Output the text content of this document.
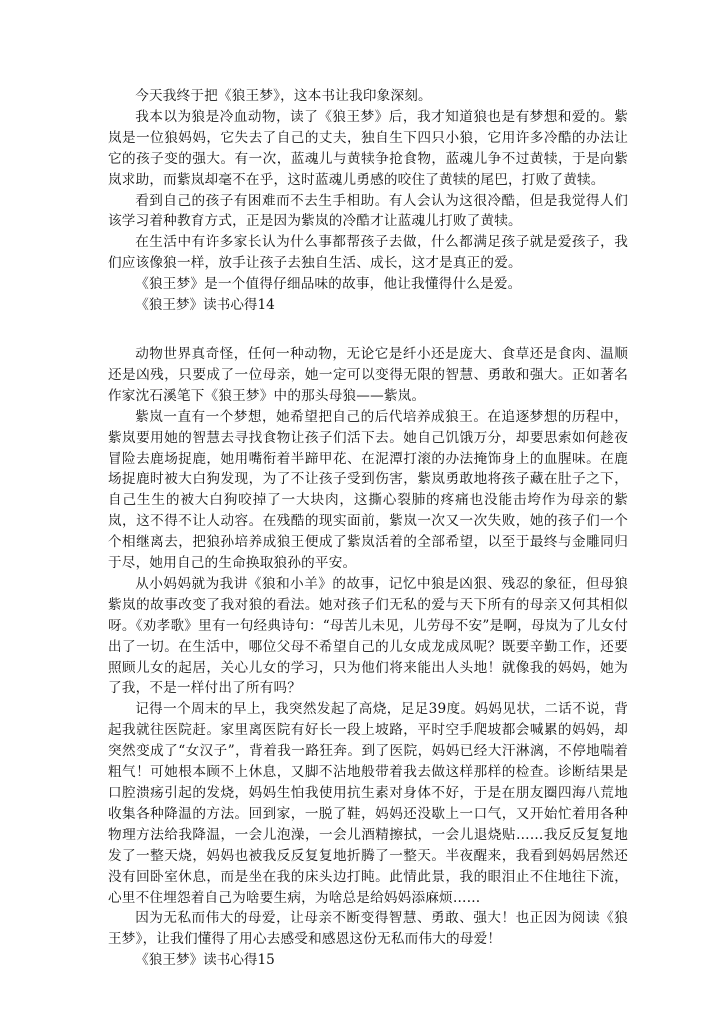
今天我终于把《狼王梦》，这本书让我印象深刻。

我本以为狼是冷血动物，读了《狼王梦》后，我才知道狼也是有梦想和爱的。紫岚是一位狼妈妈，它失去了自己的丈夫，独自生下四只小狼，它用许多冷酷的办法让它的孩子变的强大。有一次，蓝魂儿与黄犊争抢食物，蓝魂儿争不过黄犊，于是向紫岚求助，而紫岚却毫不在乎，这时蓝魂儿勇感的咬住了黄犊的尾巴，打败了黄犊。

看到自己的孩子有困难而不去生手相助。有人会认为这很冷酷，但是我觉得人们该学习着种教育方式，正是因为紫岚的冷酷才让蓝魂儿打败了黄犊。

在生活中有许多家长认为什么事都帮孩子去做，什么都满足孩子就是爱孩子，我们应该像狼一样，放手让孩子去独自生活、成长，这才是真正的爱。

《狼王梦》是一个值得仔细品味的故事，他让我懂得什么是爱。

《狼王梦》读书心得14

动物世界真奇怪，任何一种动物，无论它是纤小还是庞大、食草还是食肉、温顺还是凶残，只要成了一位母亲，她一定可以变得无限的智慧、勇敢和强大。正如著名作家沈石溪笔下《狼王梦》中的那头母狼——紫岚。

紫岚一直有一个梦想，她希望把自己的后代培养成狼王。在追逐梦想的历程中，紫岚要用她的智慧去寻找食物让孩子们活下去。她自己饥饿万分，却要思索如何趁夜冒险去鹿场捉鹿，她用嘴衔着半蹄甲花、在泥潭打滚的办法掩饰身上的血腥味。在鹿场捉鹿时被大白狗发现，为了不让孩子受到伤害，紫岚勇敢地将孩子藏在肚子之下，自己生生的被大白狗咬掉了一大块肉，这撕心裂肺的疼痛也没能击垮作为母亲的紫岚，这不得不让人动容。在残酷的现实面前，紫岚一次又一次失败，她的孩子们一个个相继离去，把狼孙培养成狼王便成了紫岚活着的全部希望，以至于最终与金雕同归于尽，她用自己的生命换取狼孙的平安。

从小妈妈就为我讲《狼和小羊》的故事，记忆中狼是凶狠、残忍的象征，但母狼紫岚的故事改变了我对狼的看法。她对孩子们无私的爱与天下所有的母亲又何其相似呀。《劝孝歌》里有一句经典诗句：“母苦儿未见，儿劳母不安”是啊，母岚为了儿女付出了一切。在生活中，哪位父母不希望自己的儿女成龙成凤呢？既要辛勤工作，还要照顾儿女的起居，关心儿女的学习，只为他们将来能出人头地！就像我的妈妈，她为了我，不是一样付出了所有吗？

记得一个周末的早上，我突然发起了高烧，足足39度。妈妈见状，二话不说，背起我就往医院赶。家里离医院有好长一段上坡路，平时空手爬坡都会喊累的妈妈，却突然变成了“女汉子”，背着我一路狂奔。到了医院，妈妈已经大汗淋漓，不停地喘着粗气！可她根本顾不上休息，又脚不沾地般带着我去做这样那样的检查。诊断结果是口腔溃疡引起的发烧，妈妈生怕我使用抗生素对身体不好，于是在朋友圈四海八荒地收集各种降温的方法。回到家，一脱了鞋，妈妈还没歇上一口气，又开始忙着用各种物理方法给我降温，一会儿泡澡，一会儿酒精擦拭，一会儿退烧贴……我反反复复地发了一整天烧，妈妈也被我反反复复地折腾了一整天。半夜醒来，我看到妈妈居然还没有回卧室休息，而是坐在我的床头边打盹。此情此景，我的眼泪止不住地往下流，心里不住埋怨着自己为啥要生病，为啥总是给妈妈添麻烦……

因为无私而伟大的母爱，让母亲不断变得智慧、勇敢、强大！也正因为阅读《狼王梦》，让我们懂得了用心去感受和感恩这份无私而伟大的母爱！

《狼王梦》读书心得15
